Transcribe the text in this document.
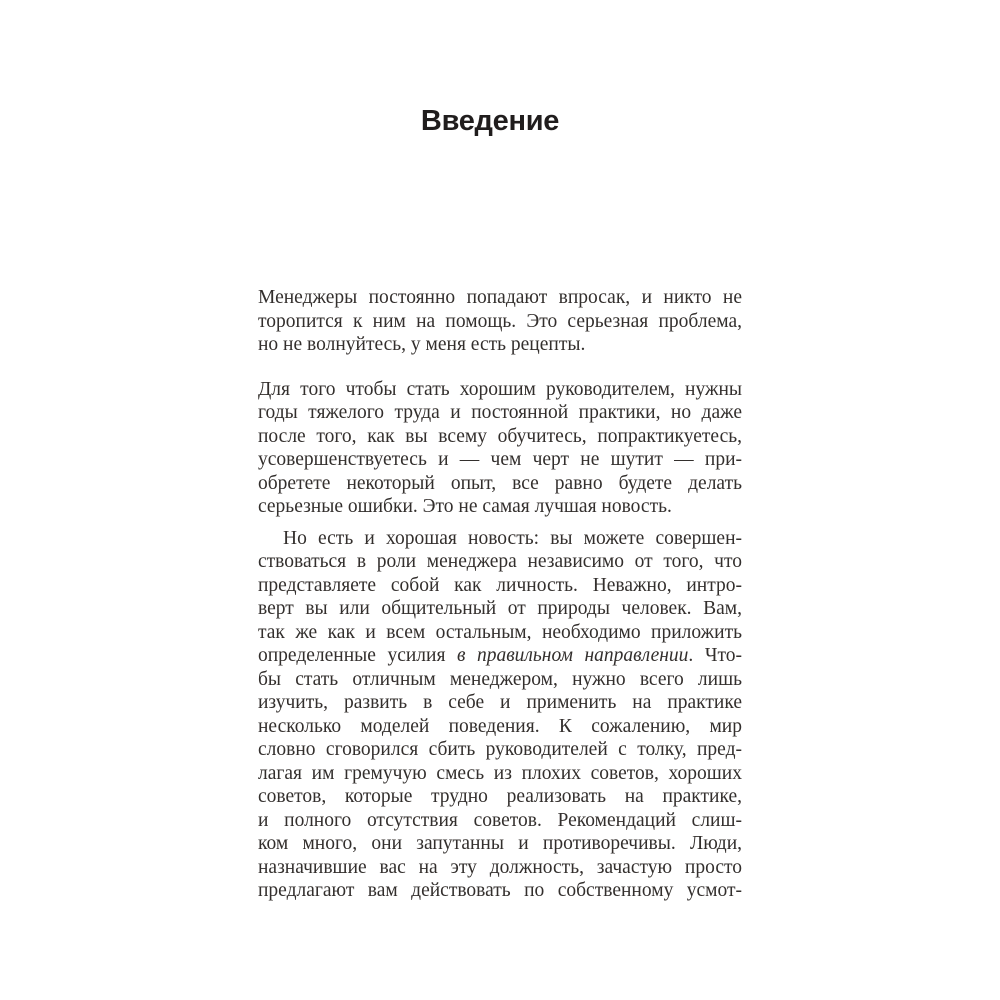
Введение
Менеджеры постоянно попадают впросак, и никто не
торопится к ним на помощь. Это серьезная проблема,
но не волнуйтесь, у меня есть рецепты.
Для того чтобы стать хорошим руководителем, нужны
годы тяжелого труда и постоянной практики, но даже
после того, как вы всему обучитесь, попрактикуетесь,
усовершенствуетесь и — чем черт не шутит — при-
обретете некоторый опыт, все равно будете делать
серьезные ошибки. Это не самая лучшая новость.
Но есть и хорошая новость: вы можете совершен-
ствоваться в роли менеджера независимо от того, что
представляете собой как личность. Неважно, интро-
верт вы или общительный от природы человек. Вам,
так же как и всем остальным, необходимо приложить
определенные усилия в правильном направлении. Что-
бы стать отличным менеджером, нужно всего лишь
изучить, развить в себе и применить на практике
несколько моделей поведения. К сожалению, мир
словно сговорился сбить руководителей с толку, пред-
лагая им гремучую смесь из плохих советов, хороших
советов, которые трудно реализовать на практике,
и полного отсутствия советов. Рекомендаций слиш-
ком много, они запутанны и противоречивы. Люди,
назначившие вас на эту должность, зачастую просто
предлагают вам действовать по собственному усмот-
